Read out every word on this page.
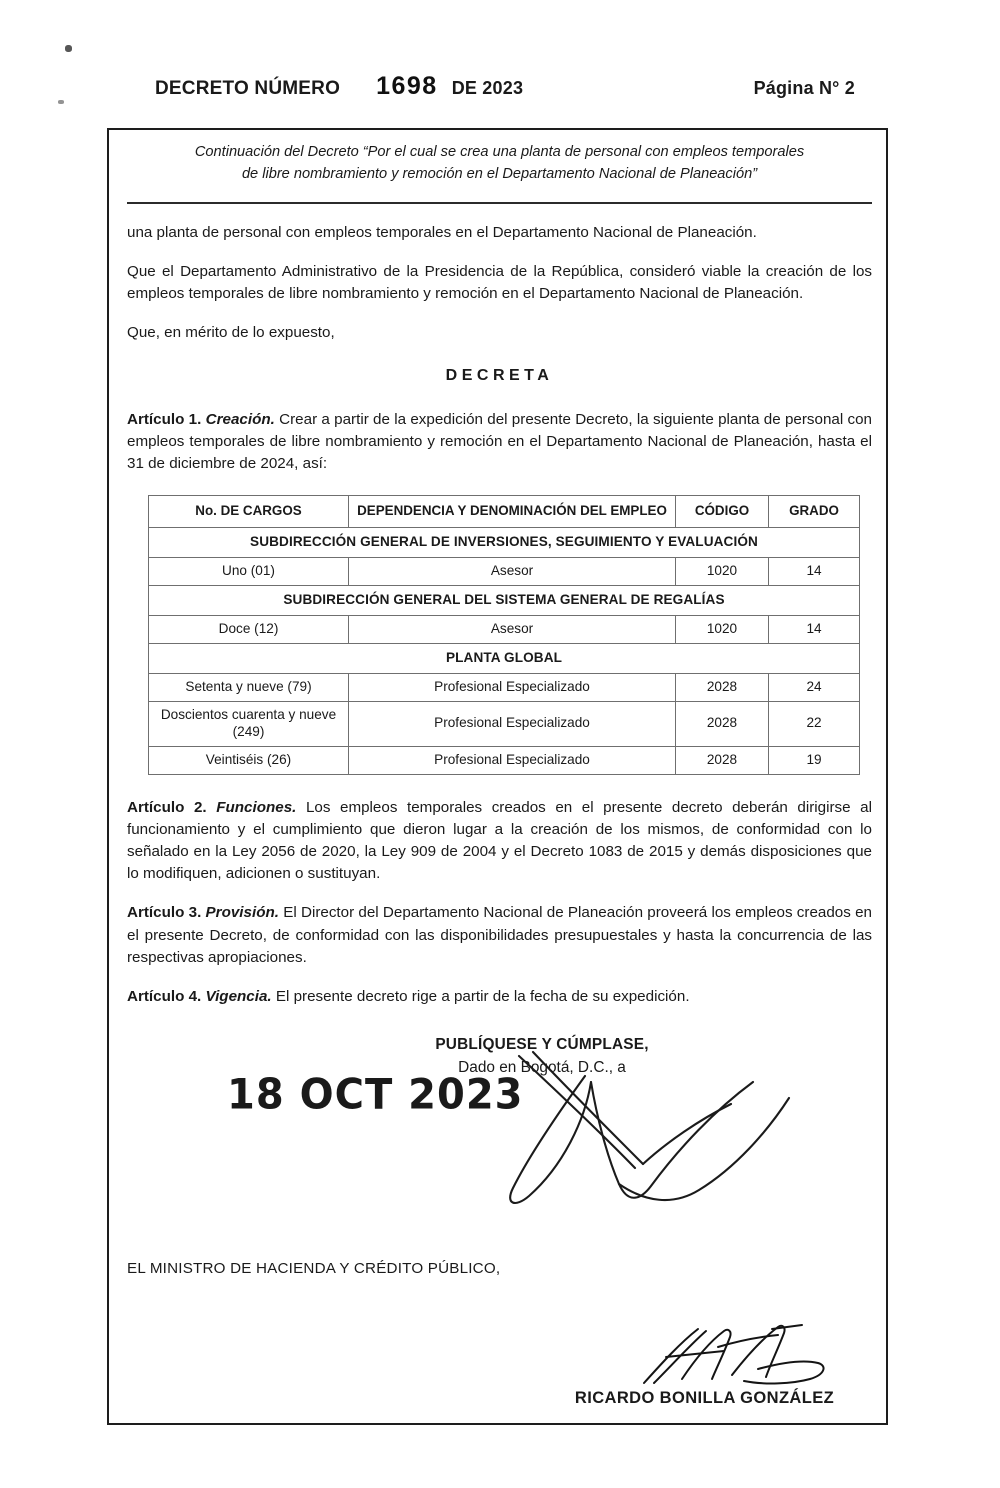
DECRETO NÚMERO 1698 DE 2023	Página N° 2
Continuación del Decreto “Por el cual se crea una planta de personal con empleos temporales
de libre nombramiento y remoción en el Departamento Nacional de Planeación”

una planta de personal con empleos temporales en el Departamento Nacional de Planeación.

Que el Departamento Administrativo de la Presidencia de la República, consideró viable la creación de los empleos temporales de libre nombramiento y remoción en el Departamento Nacional de Planeación.

Que, en mérito de lo expuesto,

DECRETA

Artículo 1. Creación. Crear a partir de la expedición del presente Decreto, la siguiente planta de personal con empleos temporales de libre nombramiento y remoción en el Departamento Nacional de Planeación, hasta el 31 de diciembre de 2024, así:

No. DE CARGOS	DEPENDENCIA Y DENOMINACIÓN DEL EMPLEO	CÓDIGO	GRADO
SUBDIRECCIÓN GENERAL DE INVERSIONES, SEGUIMIENTO Y EVALUACIÓN			
Uno (01)	Asesor	1020	14
SUBDIRECCIÓN GENERAL DEL SISTEMA GENERAL DE REGALÍAS			
Doce (12)	Asesor	1020	14
PLANTA GLOBAL			
Setenta y nueve (79)	Profesional Especializado	2028	24
Doscientos cuarenta y nueve (249)	Profesional Especializado	2028	22
Veintiséis (26)	Profesional Especializado	2028	19

Artículo 2. Funciones. Los empleos temporales creados en el presente decreto deberán dirigirse al funcionamiento y el cumplimiento que dieron lugar a la creación de los mismos, de conformidad con lo señalado en la Ley 2056 de 2020, la Ley 909 de 2004 y el Decreto 1083 de 2015 y demás disposiciones que lo modifiquen, adicionen o sustituyan.

Artículo 3. Provisión. El Director del Departamento Nacional de Planeación proveerá los empleos creados en el presente Decreto, de conformidad con las disponibilidades presupuestales y hasta la concurrencia de las respectivas apropiaciones.

Artículo 4. Vigencia. El presente decreto rige a partir de la fecha de su expedición.

PUBLÍQUESE Y CÚMPLASE,
Dado en Bogotá, D.C., a
18 OCT 2023
EL MINISTRO DE HACIENDA Y CRÉDITO PÚBLICO,
RICARDO BONILLA GONZÁLEZ
